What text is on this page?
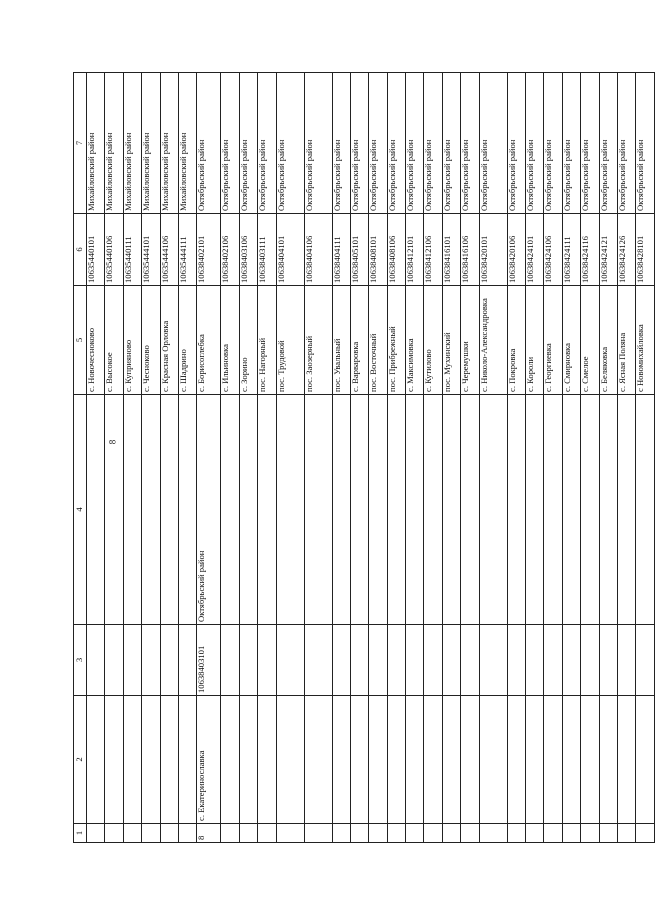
8
1	2	3	4	5	6	7
				с. Новочесноково	10635440101	Михайловский район
				с. Высокое	10635440106	Михайловский район
				с. Куприяново	10635440111	Михайловский район
				с. Чесноково	10635444101	Михайловский район
				с. Красная Орловка	10635444106	Михайловский район
				с. Шадрино	10635444111	Михайловский район
8	с. Екатеринославка	10638403101	Октябрьский район	с. Борисоглебка	10638402101	Октябрьский район
				с. Ильиновка	10638402106	Октябрьский район
				с. Зорино	10638403106	Октябрьский район
				пос. Нагорный	10638403111	Октябрьский район
				пос. Трудовой	10638404101	Октябрьский район
				пос. Заозерный	10638404106	Октябрьский район
				пос. Увальный	10638404111	Октябрьский район
				с. Варваровка	10638405101	Октябрьский район
				пос. Восточный	10638408101	Октябрьский район
				пос. Прибрежный	10638408106	Октябрьский район
				с. Максимовка	10638412101	Октябрьский район
				с. Кутилово	10638412106	Октябрьский район
				пос. Мухинский	10638416101	Октябрьский район
				с. Черемушки	10638416106	Октябрьский район
				с. Николо-Александровка	10638420101	Октябрьский район
				с. Покровка	10638420106	Октябрьский район
				с. Короли	10638424101	Октябрьский район
				с. Георгиевка	10638424106	Октябрьский район
				с. Смирновка	10638424111	Октябрьский район
				с. Смелое	10638424116	Октябрьский район
				с. Беляковка	10638424121	Октябрьский район
				с. Ясная Поляна	10638424126	Октябрьский район
				с Новомихайловка	10638428101	Октябрьский район
